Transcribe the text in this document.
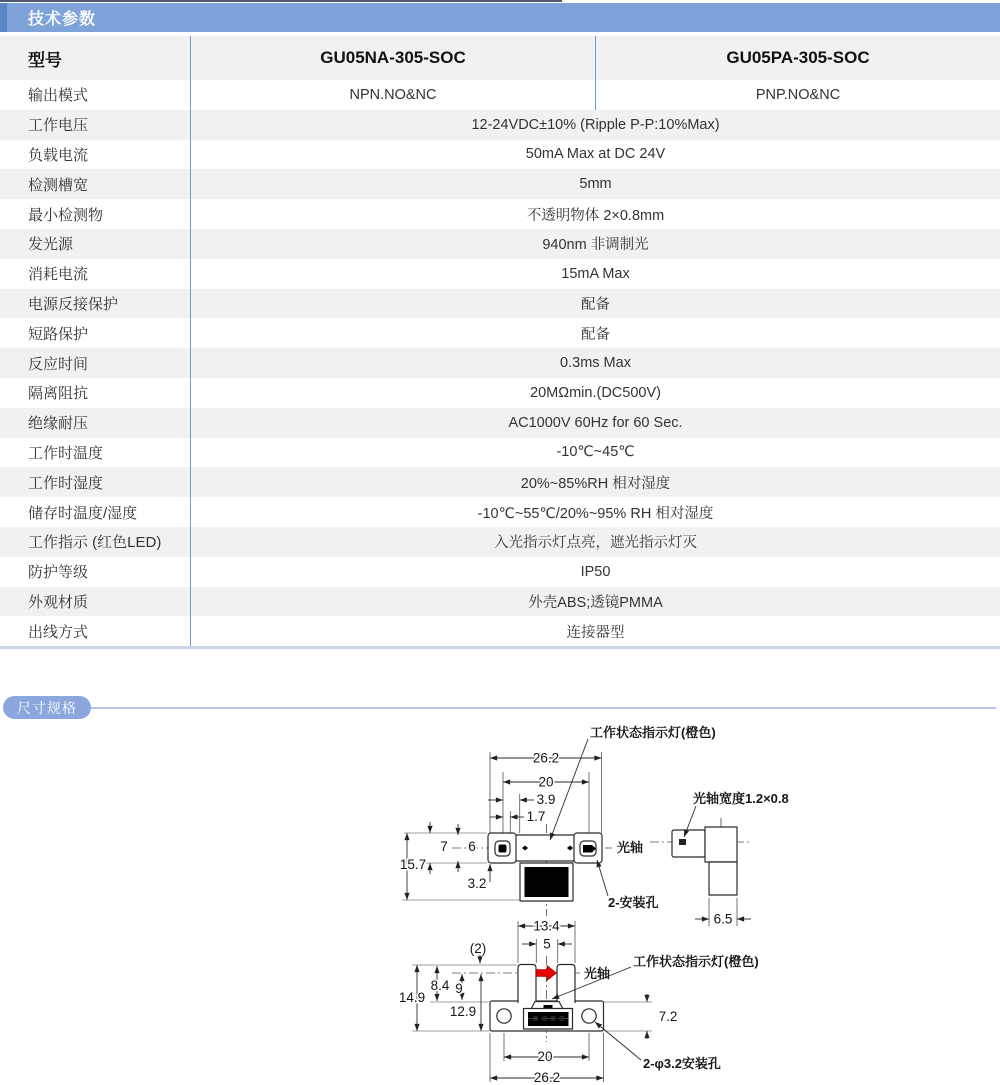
技术参数
型号	GU05NA-305-SOC	GU05PA-305-SOC
输出模式	NPN.NO&NC	PNP.NO&NC
工作电压	12-24VDC±10% (Ripple P-P:10%Max)
负载电流	50mA Max at DC 24V
检测槽宽	5mm
最小检测物	不透明物体 2×0.8mm
发光源	940nm 非调制光
消耗电流	15mA Max
电源反接保护	配备
短路保护	配备
反应时间	0.3ms Max
隔离阻抗	20MΩmin.(DC500V)
绝缘耐压	AC1000V 60Hz for 60 Sec.
工作时温度	-10℃~45℃
工作时湿度	20%~85%RH 相对湿度
储存时温度/湿度	-10℃~55℃/20%~95% RH 相对湿度
工作指示 (红色LED)	入光指示灯点亮，遮光指示灯灭
防护等级	IP50
外观材质	外壳ABS;透镜PMMA
出线方式	连接器型
尺寸规格
26.2
20
3.9
1.7
15.7
7 6
3.2
工作状态指示灯(橙色)
光轴
2-安装孔
光轴宽度1.2×0.8
6.5
13.4
5
(2)
14.9
8.4 9
12.9	7.2
20
26.2
光轴
工作状态指示灯(橙色)
2-φ3.2安装孔
